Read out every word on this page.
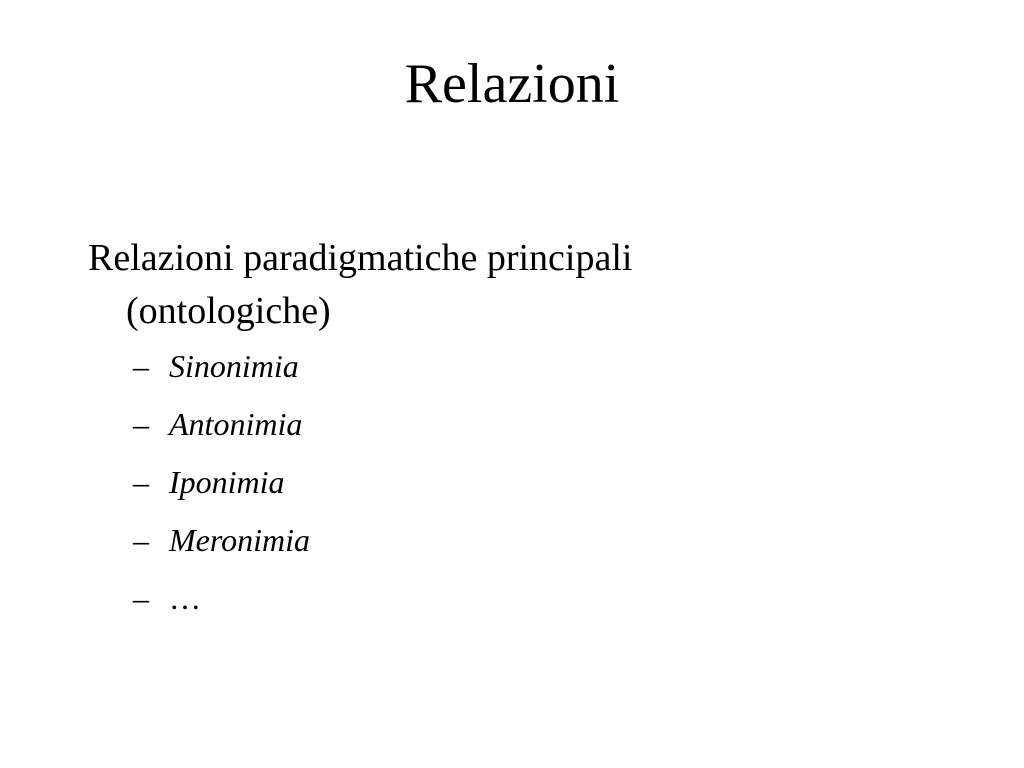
Relazioni
Relazioni paradigmatiche principali
(ontologiche)
– Sinonimia
– Antonimia
– Iponimia
– Meronimia
– …
